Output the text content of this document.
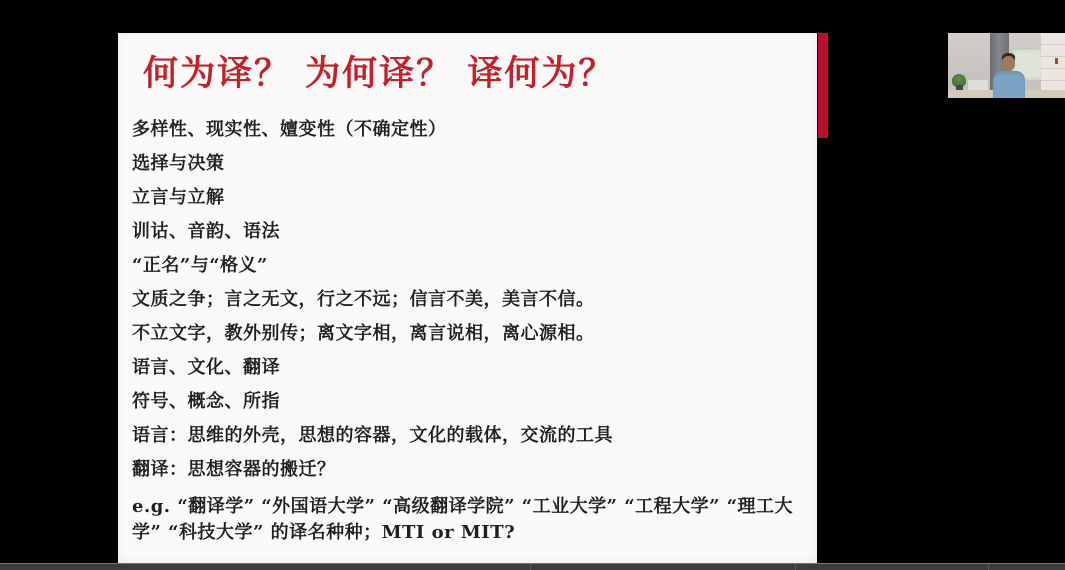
何为译？ 为何译？ 译何为？
多样性、现实性、嬗变性（不确定性）
选择与决策
立言与立解
训诂、音韵、语法
“正名”与“格义”
文质之争；言之无文，行之不远；信言不美，美言不信。
不立文字，教外别传；离文字相，离言说相，离心源相。
语言、文化、翻译
符号、概念、所指
语言：思维的外壳，思想的容器，文化的载体，交流的工具
翻译：思想容器的搬迁？
e.g. “翻译学” “外国语大学” “高级翻译学院” “工业大学” “工程大学” “理工大学” “科技大学” 的译名种种；MTI or MIT?
